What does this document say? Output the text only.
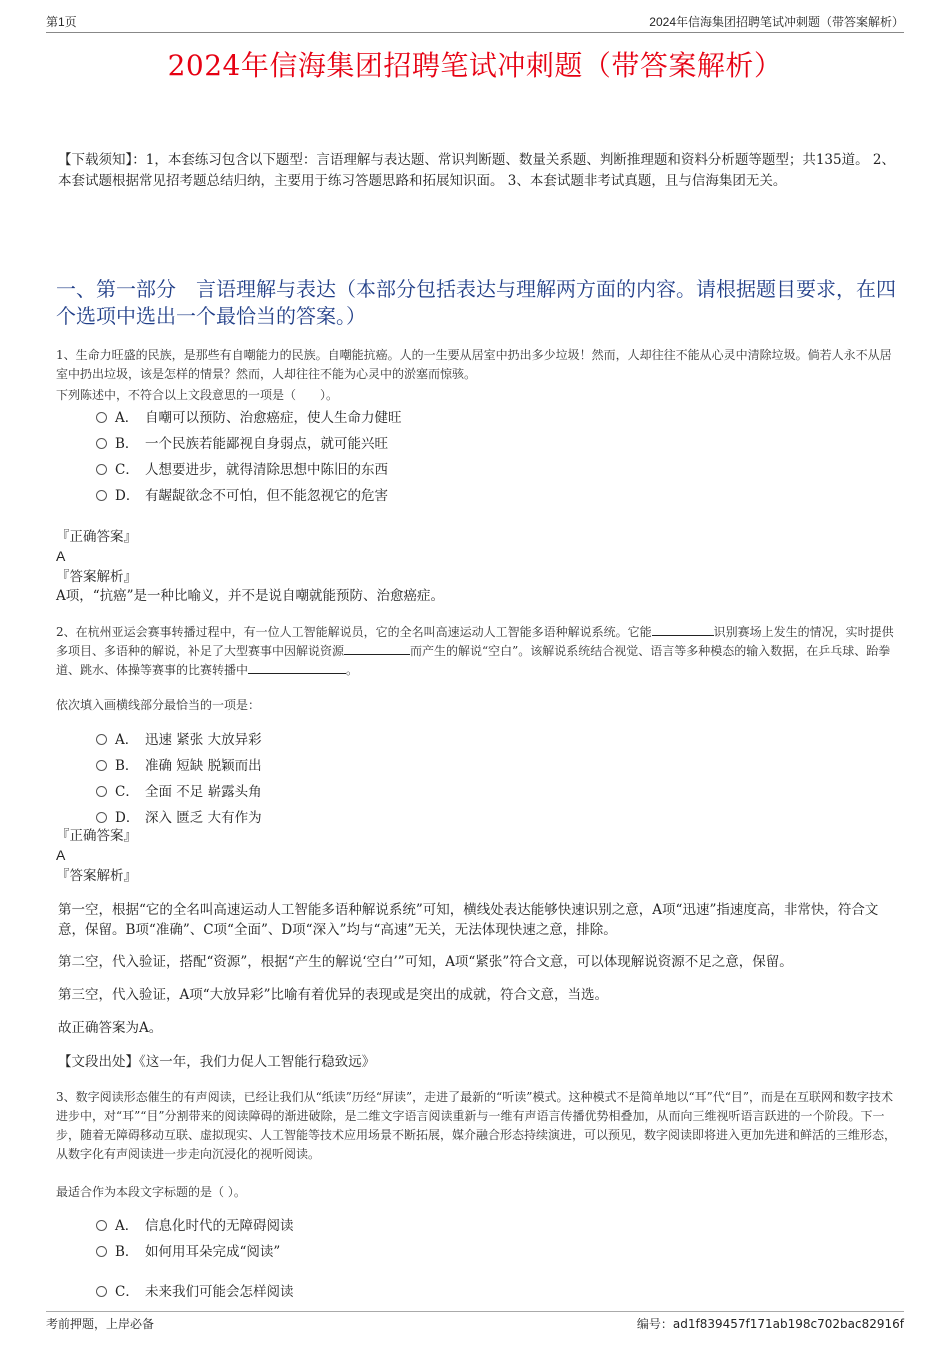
第1页	2024年信海集团招聘笔试冲刺题（带答案解析）
2024年信海集团招聘笔试冲刺题（带答案解析）
【下载须知】：1，本套练习包含以下题型：言语理解与表达题、常识判断题、数量关系题、判断推理题和资料分析题等题型；共135道。 2、本套试题根据常见招考题总结归纳，主要用于练习答题思路和拓展知识面。 3、本套试题非考试真题，且与信海集团无关。
一、第一部分　言语理解与表达（本部分包括表达与理解两方面的内容。请根据题目要求，在四个选项中选出一个最恰当的答案。）
1、生命力旺盛的民族，是那些有自嘲能力的民族。自嘲能抗癌。人的一生要从居室中扔出多少垃圾！然而，人却往往不能从心灵中清除垃圾。倘若人永不从居室中扔出垃圾，该是怎样的情景？然而，人却往往不能为心灵中的淤塞而惊骇。
下列陈述中，不符合以上文段意思的一项是（　　）。
A． 自嘲可以预防、治愈癌症，使人生命力健旺
B． 一个民族若能鄙视自身弱点，就可能兴旺
C． 人想要进步，就得清除思想中陈旧的东西
D． 有龌龊欲念不可怕，但不能忽视它的危害
『正确答案』
A
『答案解析』
A项，“抗癌”是一种比喻义，并不是说自嘲就能预防、治愈癌症。
2、在杭州亚运会赛事转播过程中，有一位人工智能解说员，它的全名叫高速运动人工智能多语种解说系统。它能	识别赛场上发生的情况，实时提供多项目、多语种的解说，补足了大型赛事中因解说资源	而产生的解说“空白”。该解说系统结合视觉、语言等多种模态的输入数据，在乒乓球、跆拳道、跳水、体操等赛事的比赛转播中	。
依次填入画横线部分最恰当的一项是：
A． 迅速 紧张 大放异彩
B． 准确 短缺 脱颖而出
C． 全面 不足 崭露头角
D． 深入 匮乏 大有作为
『正确答案』
A
『答案解析』
第一空，根据“它的全名叫高速运动人工智能多语种解说系统”可知，横线处表达能够快速识别之意，A项“迅速”指速度高，非常快，符合文意，保留。B项“准确”、C项“全面”、D项“深入”均与“高速”无关，无法体现快速之意，排除。
第二空，代入验证，搭配“资源”，根据“产生的解说‘空白’”可知，A项“紧张”符合文意，可以体现解说资源不足之意，保留。
第三空，代入验证，A项“大放异彩”比喻有着优异的表现或是突出的成就，符合文意，当选。
故正确答案为A。
【文段出处】《这一年，我们力促人工智能行稳致远》
3、数字阅读形态催生的有声阅读，已经让我们从“纸读”历经“屏读”，走进了最新的“听读”模式。这种模式不是简单地以“耳”代“目”，而是在互联网和数字技术进步中，对“耳”“目”分割带来的阅读障碍的渐进破除，是二维文字语言阅读重新与一维有声语言传播优势相叠加，从而向三维视听语言跃进的一个阶段。下一步，随着无障碍移动互联、虚拟现实、人工智能等技术应用场景不断拓展，媒介融合形态持续演进，可以预见，数字阅读即将进入更加先进和鲜活的三维形态，从数字化有声阅读进一步走向沉浸化的视听阅读。
最适合作为本段文字标题的是（ ）。
A． 信息化时代的无障碍阅读
B． 如何用耳朵完成“阅读”
C． 未来我们可能会怎样阅读
考前押题，上岸必备	编号：ad1f839457f171ab198c702bac82916f
